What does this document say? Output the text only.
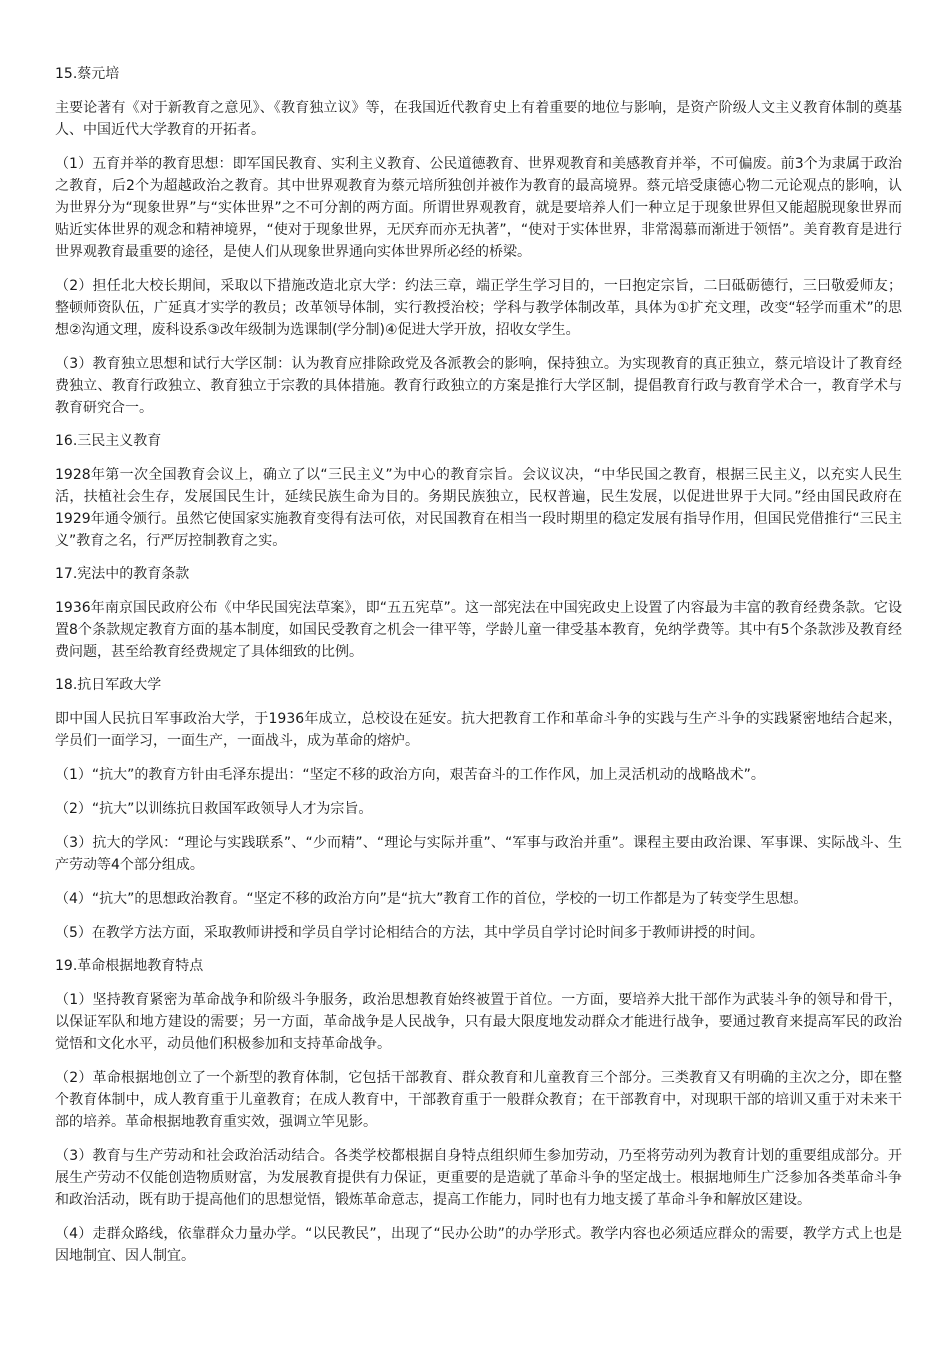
15.蔡元培

主要论著有《对于新教育之意见》、《教育独立议》等，在我国近代教育史上有着重要的地位与影响，是资产阶级人文主义教育体制的奠基人、中国近代大学教育的开拓者。

（1）五育并举的教育思想：即军国民教育、实利主义教育、公民道德教育、世界观教育和美感教育并举，不可偏废。前3个为隶属于政治之教育，后2个为超越政治之教育。其中世界观教育为蔡元培所独创并被作为教育的最高境界。蔡元培受康德心物二元论观点的影响，认为世界分为“现象世界”与“实体世界”之不可分割的两方面。所谓世界观教育，就是要培养人们一种立足于现象世界但又能超脱现象世界而贴近实体世界的观念和精神境界，“使对于现象世界，无厌弃而亦无执著”，“使对于实体世界，非常渴慕而渐进于领悟”。美育教育是进行世界观教育最重要的途径，是使人们从现象世界通向实体世界所必经的桥梁。

（2）担任北大校长期间，采取以下措施改造北京大学：约法三章，端正学生学习目的，一曰抱定宗旨，二曰砥砺德行，三曰敬爱师友；整顿师资队伍，广延真才实学的教员；改革领导体制，实行教授治校；学科与教学体制改革，具体为①扩充文理，改变“轻学而重术”的思想②沟通文理，废科设系③改年级制为选课制(学分制)④促进大学开放，招收女学生。

（3）教育独立思想和试行大学区制：认为教育应排除政党及各派教会的影响，保持独立。为实现教育的真正独立，蔡元培设计了教育经费独立、教育行政独立、教育独立于宗教的具体措施。教育行政独立的方案是推行大学区制，提倡教育行政与教育学术合一，教育学术与教育研究合一。

16.三民主义教育

1928年第一次全国教育会议上，确立了以“三民主义”为中心的教育宗旨。会议议决，“中华民国之教育，根据三民主义，以充实人民生活，扶植社会生存，发展国民生计，延续民族生命为目的。务期民族独立，民权普遍，民生发展，以促进世界于大同。”经由国民政府在1929年通令颁行。虽然它使国家实施教育变得有法可依，对民国教育在相当一段时期里的稳定发展有指导作用，但国民党借推行“三民主义”教育之名，行严厉控制教育之实。

17.宪法中的教育条款

1936年南京国民政府公布《中华民国宪法草案》，即“五五宪草”。这一部宪法在中国宪政史上设置了内容最为丰富的教育经费条款。它设置8个条款规定教育方面的基本制度，如国民受教育之机会一律平等，学龄儿童一律受基本教育，免纳学费等。其中有5个条款涉及教育经费问题，甚至给教育经费规定了具体细致的比例。

18.抗日军政大学

即中国人民抗日军事政治大学，于1936年成立，总校设在延安。抗大把教育工作和革命斗争的实践与生产斗争的实践紧密地结合起来，学员们一面学习，一面生产，一面战斗，成为革命的熔炉。

（1）“抗大”的教育方针由毛泽东提出：“坚定不移的政治方向，艰苦奋斗的工作作风，加上灵活机动的战略战术”。

（2）“抗大”以训练抗日救国军政领导人才为宗旨。

（3）抗大的学风：“理论与实践联系”、“少而精”、“理论与实际并重”、“军事与政治并重”。课程主要由政治课、军事课、实际战斗、生产劳动等4个部分组成。

（4）“抗大”的思想政治教育。“坚定不移的政治方向”是“抗大”教育工作的首位，学校的一切工作都是为了转变学生思想。

（5）在教学方法方面，采取教师讲授和学员自学讨论相结合的方法，其中学员自学讨论时间多于教师讲授的时间。

19.革命根据地教育特点

（1）坚持教育紧密为革命战争和阶级斗争服务，政治思想教育始终被置于首位。一方面，要培养大批干部作为武装斗争的领导和骨干，以保证军队和地方建设的需要；另一方面，革命战争是人民战争，只有最大限度地发动群众才能进行战争，要通过教育来提高军民的政治觉悟和文化水平，动员他们积极参加和支持革命战争。

（2）革命根据地创立了一个新型的教育体制，它包括干部教育、群众教育和儿童教育三个部分。三类教育又有明确的主次之分，即在整个教育体制中，成人教育重于儿童教育；在成人教育中，干部教育重于一般群众教育；在干部教育中，对现职干部的培训又重于对未来干部的培养。革命根据地教育重实效，强调立竿见影。

（3）教育与生产劳动和社会政治活动结合。各类学校都根据自身特点组织师生参加劳动，乃至将劳动列为教育计划的重要组成部分。开展生产劳动不仅能创造物质财富，为发展教育提供有力保证，更重要的是造就了革命斗争的坚定战士。根据地师生广泛参加各类革命斗争和政治活动，既有助于提高他们的思想觉悟，锻炼革命意志，提高工作能力，同时也有力地支援了革命斗争和解放区建设。

（4）走群众路线，依靠群众力量办学。“以民教民”，出现了“民办公助”的办学形式。教学内容也必须适应群众的需要，教学方式上也是因地制宜、因人制宜。
